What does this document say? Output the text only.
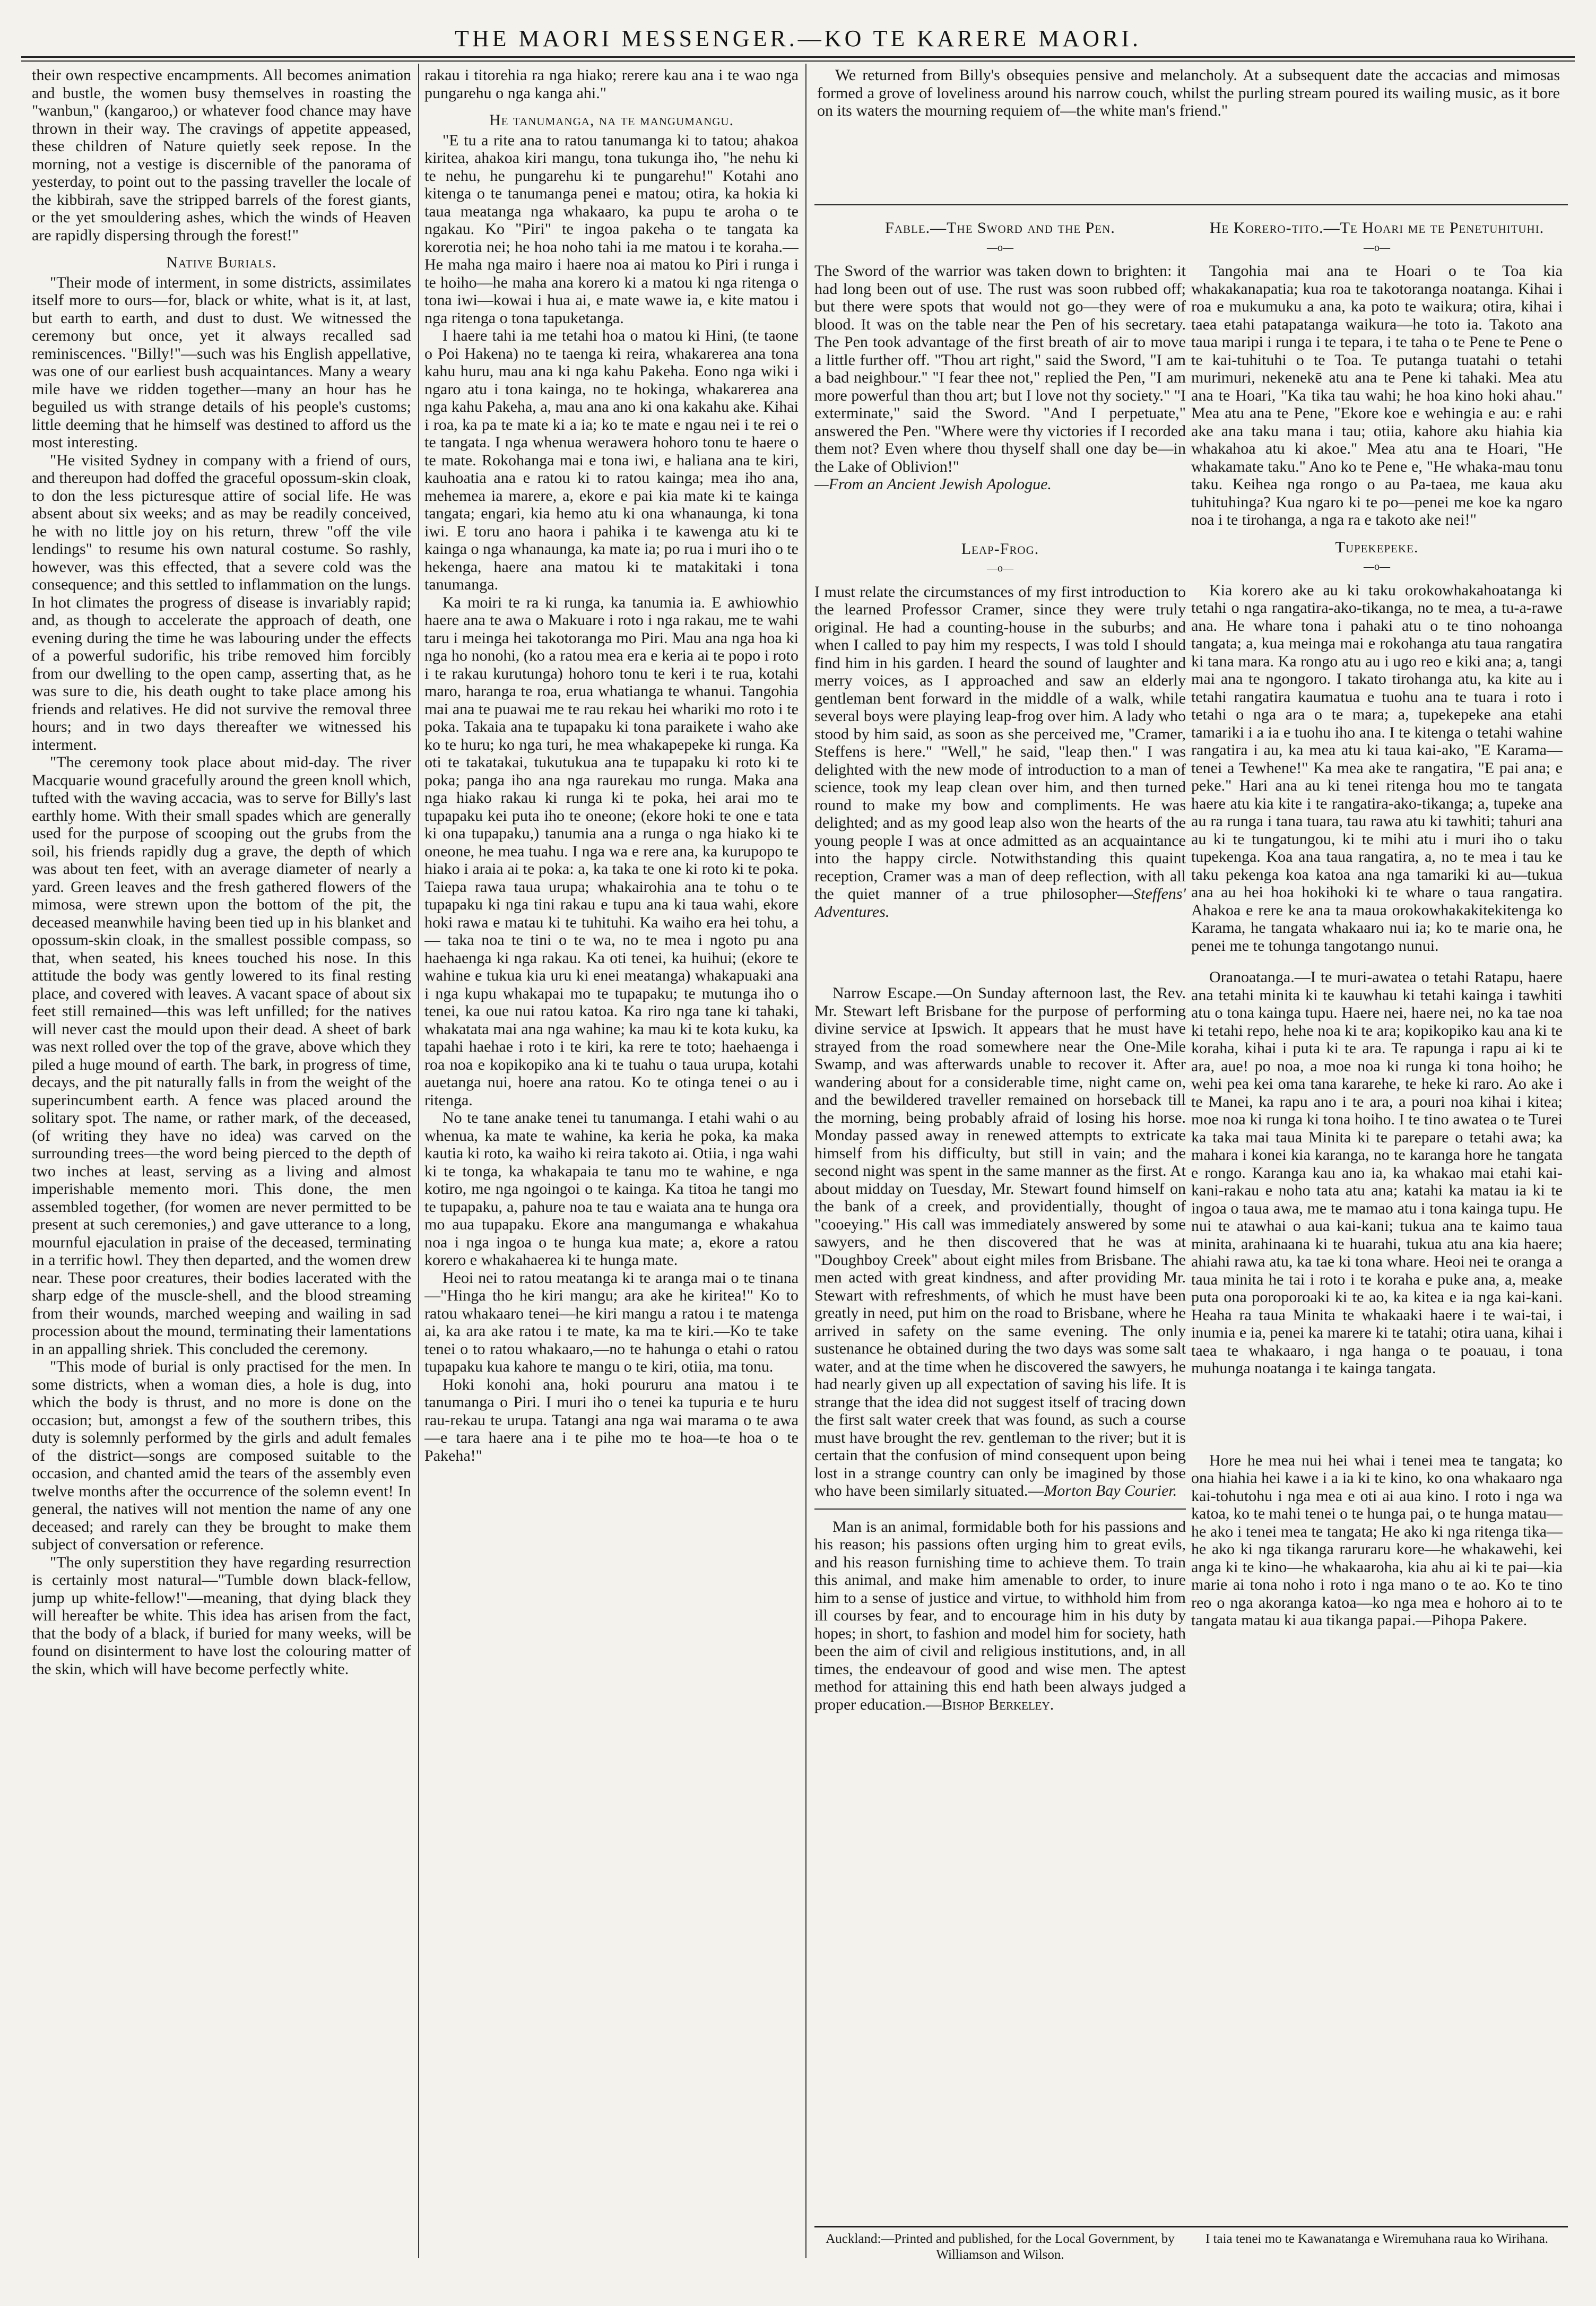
THE MAORI MESSENGER.—KO TE KARERE MAORI.

their own respective encampments. All becomes animation and bustle, the women busy themselves in roasting the "wanbun," (kangaroo,) or whatever food chance may have thrown in their way. The cravings of appetite appeased, these children of Nature quietly seek repose. In the morning, not a vestige is discernible of the panorama of yesterday, to point out to the passing traveller the locale of the kibbirah, save the stripped barrels of the forest giants, or the yet smouldering ashes, which the winds of Heaven are rapidly dispersing through the forest!"

Native Burials.

"Their mode of interment, in some districts, assimilates itself more to ours—for, black or white, what is it, at last, but earth to earth, and dust to dust. We witnessed the ceremony but once, yet it always recalled sad reminiscences. "Billy!"—such was his English appellative, was one of our earliest bush acquaintances. Many a weary mile have we ridden together—many an hour has he beguiled us with strange details of his people's customs; little deeming that he himself was destined to afford us the most interesting.

"He visited Sydney in company with a friend of ours, and thereupon had doffed the graceful opossum-skin cloak, to don the less picturesque attire of social life. He was absent about six weeks; and as may be readily conceived, he with no little joy on his return, threw "off the vile lendings" to resume his own natural costume. So rashly, however, was this effected, that a severe cold was the consequence; and this settled to inflammation on the lungs. In hot climates the progress of disease is invariably rapid; and, as though to accelerate the approach of death, one evening during the time he was labouring under the effects of a powerful sudorific, his tribe removed him forcibly from our dwelling to the open camp, asserting that, as he was sure to die, his death ought to take place among his friends and relatives. He did not survive the removal three hours; and in two days thereafter we witnessed his interment.

"The ceremony took place about mid-day. The river Macquarie wound gracefully around the green knoll which, tufted with the waving accacia, was to serve for Billy's last earthly home. With their small spades which are generally used for the purpose of scooping out the grubs from the soil, his friends rapidly dug a grave, the depth of which was about ten feet, with an average diameter of nearly a yard. Green leaves and the fresh gathered flowers of the mimosa, were strewn upon the bottom of the pit, the deceased meanwhile having been tied up in his blanket and opossum-skin cloak, in the smallest possible compass, so that, when seated, his knees touched his nose. In this attitude the body was gently lowered to its final resting place, and covered with leaves. A vacant space of about six feet still remained—this was left unfilled; for the natives will never cast the mould upon their dead. A sheet of bark was next rolled over the top of the grave, above which they piled a huge mound of earth. The bark, in progress of time, decays, and the pit naturally falls in from the weight of the superincumbent earth. A fence was placed around the solitary spot. The name, or rather mark, of the deceased, (of writing they have no idea) was carved on the surrounding trees—the word being pierced to the depth of two inches at least, serving as a living and almost imperishable memento mori. This done, the men assembled together, (for women are never permitted to be present at such ceremonies,) and gave utterance to a long, mournful ejaculation in praise of the deceased, terminating in a terrific howl. They then departed, and the women drew near. These poor creatures, their bodies lacerated with the sharp edge of the muscle-shell, and the blood streaming from their wounds, marched weeping and wailing in sad procession about the mound, terminating their lamentations in an appalling shriek. This concluded the ceremony.

"This mode of burial is only practised for the men. In some districts, when a woman dies, a hole is dug, into which the body is thrust, and no more is done on the occasion; but, amongst a few of the southern tribes, this duty is solemnly performed by the girls and adult females of the district—songs are composed suitable to the occasion, and chanted amid the tears of the assembly even twelve months after the occurrence of the solemn event! In general, the natives will not mention the name of any one deceased; and rarely can they be brought to make them subject of conversation or reference.

"The only superstition they have regarding resurrection is certainly most natural—"Tumble down black-fellow, jump up white-fellow!"—meaning, that dying black they will hereafter be white. This idea has arisen from the fact, that the body of a black, if buried for many weeks, will be found on disinterment to have lost the colouring matter of the skin, which will have become perfectly white.

rakau i titorehia ra nga hiako; rerere kau ana i te wao nga pungarehu o nga kanga ahi."

He tanumanga, na te mangumangu.

"E tu a rite ana to ratou tanumanga ki to tatou; ahakoa kiritea, ahakoa kiri mangu, tona tukunga iho, "he nehu ki te nehu, he pungarehu ki te pungarehu!" Kotahi ano kitenga o te tanumanga penei e matou; otira, ka hokia ki taua meatanga nga whakaaro, ka pupu te aroha o te ngakau. Ko "Piri" te ingoa pakeha o te tangata ka korerotia nei; he hoa noho tahi ia me matou i te koraha.—He maha nga mairo i haere noa ai matou ko Piri i runga i te hoiho—he maha ana korero ki a matou ki nga ritenga o tona iwi—kowai i hua ai, e mate wawe ia, e kite matou i nga ritenga o tona tapuketanga.

I haere tahi ia me tetahi hoa o matou ki Hini, (te taone o Poi Hakena) no te taenga ki reira, whakarerea ana tona kahu huru, mau ana ki nga kahu Pakeha. Eono nga wiki i ngaro atu i tona kainga, no te hokinga, whakarerea ana nga kahu Pakeha, a, mau ana ano ki ona kakahu ake. Kihai i roa, ka pa te mate ki a ia; ko te mate e ngau nei i te rei o te tangata. I nga whenua werawera hohoro tonu te haere o te mate. Rokohanga mai e tona iwi, e haliana ana te kiri, kauhoatia ana e ratou ki to ratou kainga; mea iho ana, mehemea ia marere, a, ekore e pai kia mate ki te kainga tangata; engari, kia hemo atu ki ona whanaunga, ki tona iwi. E toru ano haora i pahika i te kawenga atu ki te kainga o nga whanaunga, ka mate ia; po rua i muri iho o te hekenga, haere ana matou ki te matakitaki i tona tanumanga.

Ka moiri te ra ki runga, ka tanumia ia. E awhiowhio haere ana te awa o Makuare i roto i nga rakau, me te wahi taru i meinga hei takotoranga mo Piri. Mau ana nga hoa ki nga ho nonohi, (ko a ratou mea era e keria ai te popo i roto i te rakau kurutunga) hohoro tonu te keri i te rua, kotahi maro, haranga te roa, erua whatianga te whanui. Tangohia mai ana te puawai me te rau rekau hei whariki mo roto i te poka. Takaia ana te tupapaku ki tona paraikete i waho ake ko te huru; ko nga turi, he mea whakapepeke ki runga. Ka oti te takatakai, tukutukua ana te tupapaku ki roto ki te poka; panga iho ana nga raurekau mo runga. Maka ana nga hiako rakau ki runga ki te poka, hei arai mo te tupapaku kei puta iho te oneone; (ekore hoki te one e tata ki ona tupapaku,) tanumia ana a runga o nga hiako ki te oneone, he mea tuahu. I nga wa e rere ana, ka kurupopo te hiako i araia ai te poka: a, ka taka te one ki roto ki te poka. Taiepa rawa taua urupa; whakairohia ana te tohu o te tupapaku ki nga tini rakau e tupu ana ki taua wahi, ekore hoki rawa e matau ki te tuhituhi. Ka waiho era hei tohu, a— taka noa te tini o te wa, no te mea i ngoto pu ana haehaenga ki nga rakau. Ka oti tenei, ka huihui; (ekore te wahine e tukua kia uru ki enei meatanga) whakapuaki ana i nga kupu whakapai mo te tupapaku; te mutunga iho o tenei, ka oue nui ratou katoa. Ka riro nga tane ki tahaki, whakatata mai ana nga wahine; ka mau ki te kota kuku, ka tapahi haehae i roto i te kiri, ka rere te toto; haehaenga i roa noa e kopikopiko ana ki te tuahu o taua urupa, kotahi auetanga nui, hoere ana ratou. Ko te otinga tenei o au i ritenga.

No te tane anake tenei tu tanumanga. I etahi wahi o au whenua, ka mate te wahine, ka keria he poka, ka maka kautia ki roto, ka waiho ki reira takoto ai. Otiia, i nga wahi ki te tonga, ka whakapaia te tanu mo te wahine, e nga kotiro, me nga ngoingoi o te kainga. Ka titoa he tangi mo te tupapaku, a, pahure noa te tau e waiata ana te hunga ora mo aua tupapaku. Ekore ana mangumanga e whakahua noa i nga ingoa o te hunga kua mate; a, ekore a ratou korero e whakahaerea ki te hunga mate.

Heoi nei to ratou meatanga ki te aranga mai o te tinana—"Hinga tho he kiri mangu; ara ake he kiritea!" Ko to ratou whakaaro tenei—he kiri mangu a ratou i te matenga ai, ka ara ake ratou i te mate, ka ma te kiri.—Ko te take tenei o to ratou whakaaro,—no te hahunga o etahi o ratou tupapaku kua kahore te mangu o te kiri, otiia, ma tonu.

Hoki konohi ana, hoki poururu ana matou i te tanumanga o Piri. I muri iho o tenei ka tupuria e te huru rau-rekau te urupa. Tatangi ana nga wai marama o te awa—e tara haere ana i te pihe mo te hoa—te hoa o te Pakeha!"

We returned from Billy's obsequies pensive and melancholy. At a subsequent date the accacias and mimosas formed a grove of loveliness around his narrow couch, whilst the purling stream poured its wailing music, as it bore on its waters the mourning requiem of—the white man's friend."

Fable.—The Sword and the Pen.
—o—

The Sword of the warrior was taken down to brighten: it had long been out of use. The rust was soon rubbed off; but there were spots that would not go—they were of blood. It was on the table near the Pen of his secretary. The Pen took advantage of the first breath of air to move a little further off. "Thou art right," said the Sword, "I am a bad neighbour." "I fear thee not," replied the Pen, "I am more powerful than thou art; but I love not thy society." "I exterminate," said the Sword. "And I perpetuate," answered the Pen. "Where were thy victories if I recorded them not? Even where thou thyself shall one day be—in the Lake of Oblivion!"
—From an Ancient Jewish Apologue.

Leap-Frog.
—o—

I must relate the circumstances of my first introduction to the learned Professor Cramer, since they were truly original. He had a counting-house in the suburbs; and when I called to pay him my respects, I was told I should find him in his garden. I heard the sound of laughter and merry voices, as I approached and saw an elderly gentleman bent forward in the middle of a walk, while several boys were playing leap-frog over him. A lady who stood by him said, as soon as she perceived me, "Cramer, Steffens is here." "Well," he said, "leap then." I was delighted with the new mode of introduction to a man of science, took my leap clean over him, and then turned round to make my bow and compliments. He was delighted; and as my good leap also won the hearts of the young people I was at once admitted as an acquaintance into the happy circle. Notwithstanding this quaint reception, Cramer was a man of deep reflection, with all the quiet manner of a true philosopher—Steffens' Adventures.

Narrow Escape.—On Sunday afternoon last, the Rev. Mr. Stewart left Brisbane for the purpose of performing divine service at Ipswich. It appears that he must have strayed from the road somewhere near the One-Mile Swamp, and was afterwards unable to recover it. After wandering about for a considerable time, night came on, and the bewildered traveller remained on horseback till the morning, being probably afraid of losing his horse. Monday passed away in renewed attempts to extricate himself from his difficulty, but still in vain; and the second night was spent in the same manner as the first. At about midday on Tuesday, Mr. Stewart found himself on the bank of a creek, and providentially, thought of "cooeying." His call was immediately answered by some sawyers, and he then discovered that he was at "Doughboy Creek" about eight miles from Brisbane. The men acted with great kindness, and after providing Mr. Stewart with refreshments, of which he must have been greatly in need, put him on the road to Brisbane, where he arrived in safety on the same evening. The only sustenance he obtained during the two days was some salt water, and at the time when he discovered the sawyers, he had nearly given up all expectation of saving his life. It is strange that the idea did not suggest itself of tracing down the first salt water creek that was found, as such a course must have brought the rev. gentleman to the river; but it is certain that the confusion of mind consequent upon being lost in a strange country can only be imagined by those who have been similarly situated.—Morton Bay Courier.

Man is an animal, formidable both for his passions and his reason; his passions often urging him to great evils, and his reason furnishing time to achieve them. To train this animal, and make him amenable to order, to inure him to a sense of justice and virtue, to withhold him from ill courses by fear, and to encourage him in his duty by hopes; in short, to fashion and model him for society, hath been the aim of civil and religious institutions, and, in all times, the endeavour of good and wise men. The aptest method for attaining this end hath been always judged a proper education.—Bishop Berkeley.

He Korero-tito.—Te Hoari me te Penetuhituhi.
—o—

Tangohia mai ana te Hoari o te Toa kia whakakanapatia; kua roa te takotoranga noatanga. Kihai i roa e mukumuku a ana, ka poto te waikura; otira, kihai i taea etahi patapatanga waikura—he toto ia. Takoto ana taua maripi i runga i te tepara, i te taha o te Pene te Pene o te kai-tuhituhi o te Toa. Te putanga tuatahi o tetahi murimuri, nekenekē atu ana te Pene ki tahaki. Mea atu ana te Hoari, "Ka tika tau wahi; he hoa kino hoki ahau." Mea atu ana te Pene, "Ekore koe e wehingia e au: e rahi ake ana taku mana i tau; otiia, kahore aku hiahia kia whakahoa atu ki akoe." Mea atu ana te Hoari, "He whakamate taku." Ano ko te Pene e, "He whaka-mau tonu taku. Keihea nga rongo o au Pa-taea, me kaua aku tuhituhinga? Kua ngaro ki te po—penei me koe ka ngaro noa i te tirohanga, a nga ra e takoto ake nei!"

Tupekepeke.
—o—

Kia korero ake au ki taku orokowhakahoatanga ki tetahi o nga rangatira-ako-tikanga, no te mea, a tu-a-rawe ana. He whare tona i pahaki atu o te tino nohoanga tangata; a, kua meinga mai e rokohanga atu taua rangatira ki tana mara. Ka rongo atu au i ugo reo e kiki ana; a, tangi mai ana te ngongoro. I takato tirohanga atu, ka kite au i tetahi rangatira kaumatua e tuohu ana te tuara i roto i tetahi o nga ara o te mara; a, tupekepeke ana etahi tamariki i a ia e tuohu iho ana. I te kitenga o tetahi wahine rangatira i au, ka mea atu ki taua kai-ako, "E Karama—tenei a Tewhene!" Ka mea ake te rangatira, "E pai ana; e peke." Hari ana au ki tenei ritenga hou mo te tangata haere atu kia kite i te rangatira-ako-tikanga; a, tupeke ana au ra runga i tana tuara, tau rawa atu ki tawhiti; tahuri ana au ki te tungatungou, ki te mihi atu i muri iho o taku tupekenga. Koa ana taua rangatira, a, no te mea i tau ke taku pekenga koa katoa ana nga tamariki ki au—tukua ana au hei hoa hokihoki ki te whare o taua rangatira. Ahakoa e rere ke ana ta maua orokowhakakitekitenga ko Karama, he tangata whakaaro nui ia; ko te marie ona, he penei me te tohunga tangotango nunui.

Oranoatanga.—I te muri-awatea o tetahi Ratapu, haere ana tetahi minita ki te kauwhau ki tetahi kainga i tawhiti atu o tona kainga tupu. Haere nei, haere nei, no ka tae noa ki tetahi repo, hehe noa ki te ara; kopikopiko kau ana ki te koraha, kihai i puta ki te ara. Te rapunga i rapu ai ki te ara, aue! po noa, a moe noa ki runga ki tona hoiho; he wehi pea kei oma tana kararehe, te heke ki raro. Ao ake i te Manei, ka rapu ano i te ara, a pouri noa kihai i kitea; moe noa ki runga ki tona hoiho. I te tino awatea o te Turei ka taka mai taua Minita ki te parepare o tetahi awa; ka mahara i konei kia karanga, no te karanga hore he tangata e rongo. Karanga kau ano ia, ka whakao mai etahi kai-kani-rakau e noho tata atu ana; katahi ka matau ia ki te ingoa o taua awa, me te mamao atu i tona kainga tupu. He nui te atawhai o aua kai-kani; tukua ana te kaimo taua minita, arahinaana ki te huarahi, tukua atu ana kia haere; ahiahi rawa atu, ka tae ki tona whare. Heoi nei te oranga a taua minita he tai i roto i te koraha e puke ana, a, meake puta ona poroporoaki ki te ao, ka kitea e ia nga kai-kani. Heaha ra taua Minita te whakaaki haere i te wai-tai, i inumia e ia, penei ka marere ki te tatahi; otira uana, kihai i taea te whakaaro, i nga hanga o te poauau, i tona muhunga noatanga i te kainga tangata.

Hore he mea nui hei whai i tenei mea te tangata; ko ona hiahia hei kawe i a ia ki te kino, ko ona whakaaro nga kai-tohutohu i nga mea e oti ai aua kino. I roto i nga wa katoa, ko te mahi tenei o te hunga pai, o te hunga matau—he ako i tenei mea te tangata; He ako ki nga ritenga tika—he ako ki nga tikanga raruraru kore—he whakawehi, kei anga ki te kino—he whakaaroha, kia ahu ai ki te pai—kia marie ai tona noho i roto i nga mano o te ao. Ko te tino reo o nga akoranga katoa—ko nga mea e hohoro ai to te tangata matau ki aua tikanga papai.—Pihopa Pakere.

Auckland:—Printed and published, for the Local Government, by Williamson and Wilson.
I taia tenei mo te Kawanatanga e Wiremuhana raua ko Wirihana.
